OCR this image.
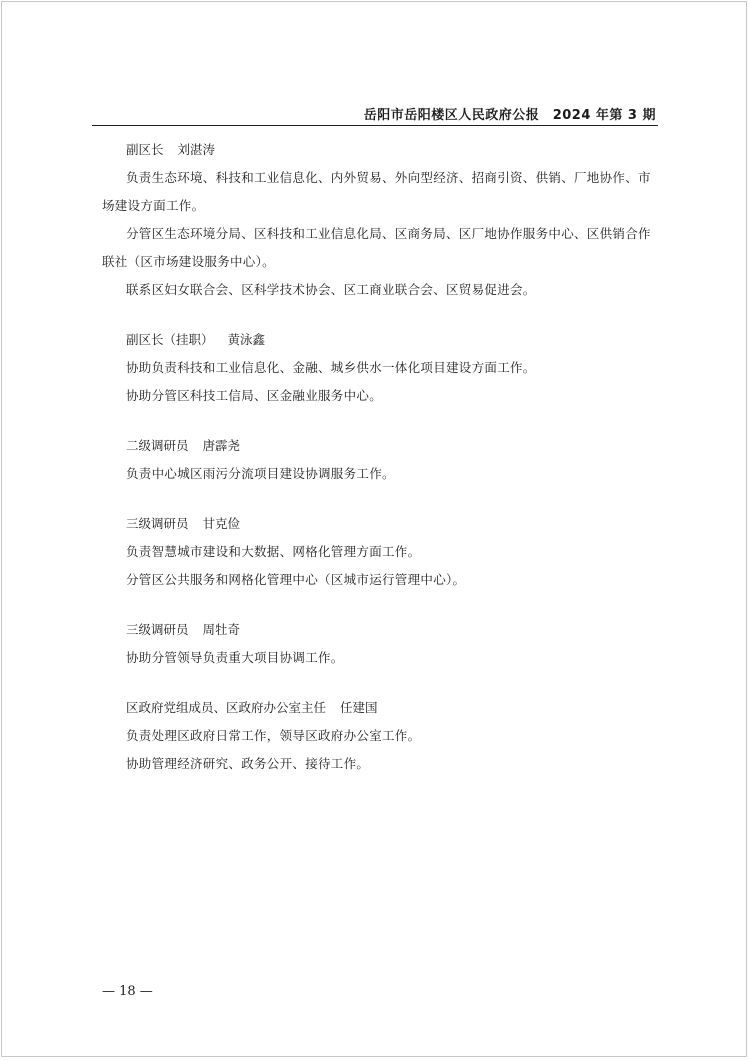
岳阳市岳阳楼区人民政府公报　2024 年第 3 期
副区长 刘湛涛

负责生态环境、科技和工业信息化、内外贸易、外向型经济、招商引资、供销、厂地协作、市场建设方面工作。

分管区生态环境分局、区科技和工业信息化局、区商务局、区厂地协作服务中心、区供销合作联社（区市场建设服务中心）。

联系区妇女联合会、区科学技术协会、区工商业联合会、区贸易促进会。

副区长（挂职） 黄泳鑫

协助负责科技和工业信息化、金融、城乡供水一体化项目建设方面工作。

协助分管区科技工信局、区金融业服务中心。

二级调研员 唐霹尧

负责中心城区雨污分流项目建设协调服务工作。

三级调研员 甘克俭

负责智慧城市建设和大数据、网格化管理方面工作。

分管区公共服务和网格化管理中心（区城市运行管理中心）。

三级调研员 周牡奇

协助分管领导负责重大项目协调工作。

区政府党组成员、区政府办公室主任 任建国

负责处理区政府日常工作，领导区政府办公室工作。

协助管理经济研究、政务公开、接待工作。

— 18 —
